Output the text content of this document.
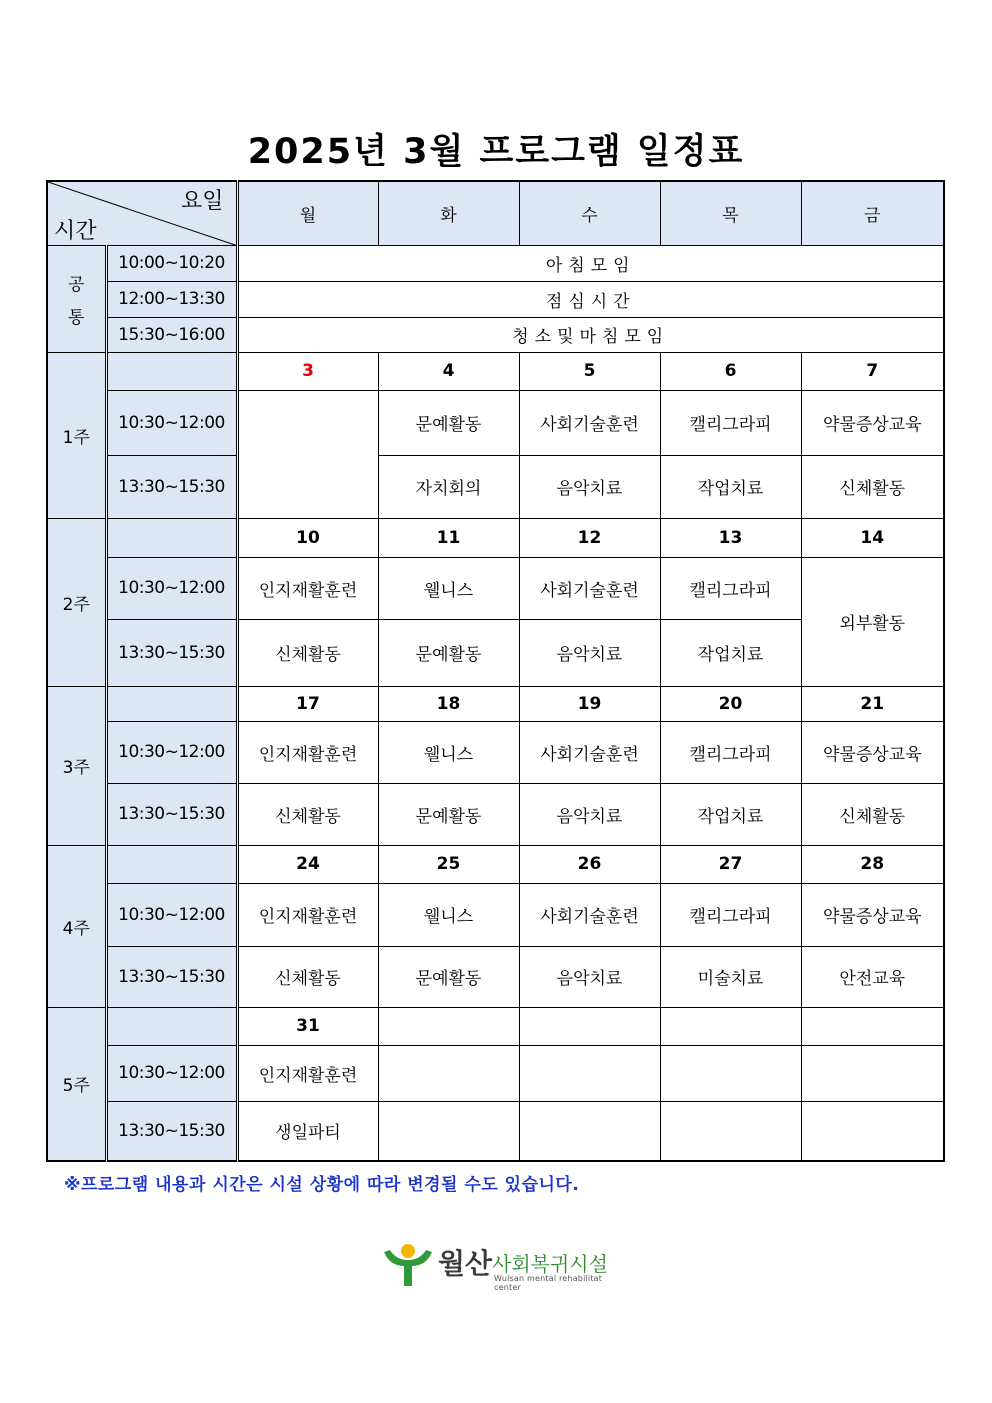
2025년 3월 프로그램 일정표
요일
시간		월	화	수	목	금

공
통	10:00~10:20	아침모임				
	12:00~13:30	점심시간				
	15:30~16:00	청소및마침모임				
1주		3	4	5	6	7
	10:30~12:00		문예활동	사회기술훈련	캘리그라피	약물증상교육
	13:30~15:30		자치회의	음악치료	작업치료	신체활동
2주		10	11	12	13	14
	10:30~12:00	인지재활훈련	웰니스	사회기술훈련	캘리그라피	외부활동
	13:30~15:30	신체활동	문예활동	음악치료	작업치료	
3주		17	18	19	20	21
	10:30~12:00	인지재활훈련	웰니스	사회기술훈련	캘리그라피	약물증상교육
	13:30~15:30	신체활동	문예활동	음악치료	작업치료	신체활동
4주		24	25	26	27	28
	10:30~12:00	인지재활훈련	웰니스	사회기술훈련	캘리그라피	약물증상교육
	13:30~15:30	신체활동	문예활동	음악치료	미술치료	안전교육
5주		31				
	10:30~12:00	인지재활훈련				
	13:30~15:30	생일파티				
※프로그램 내용과 시간은 시설 상황에 따라 변경될 수도 있습니다.
월산 사회복귀시설
Wulsan mental rehabilitat center
